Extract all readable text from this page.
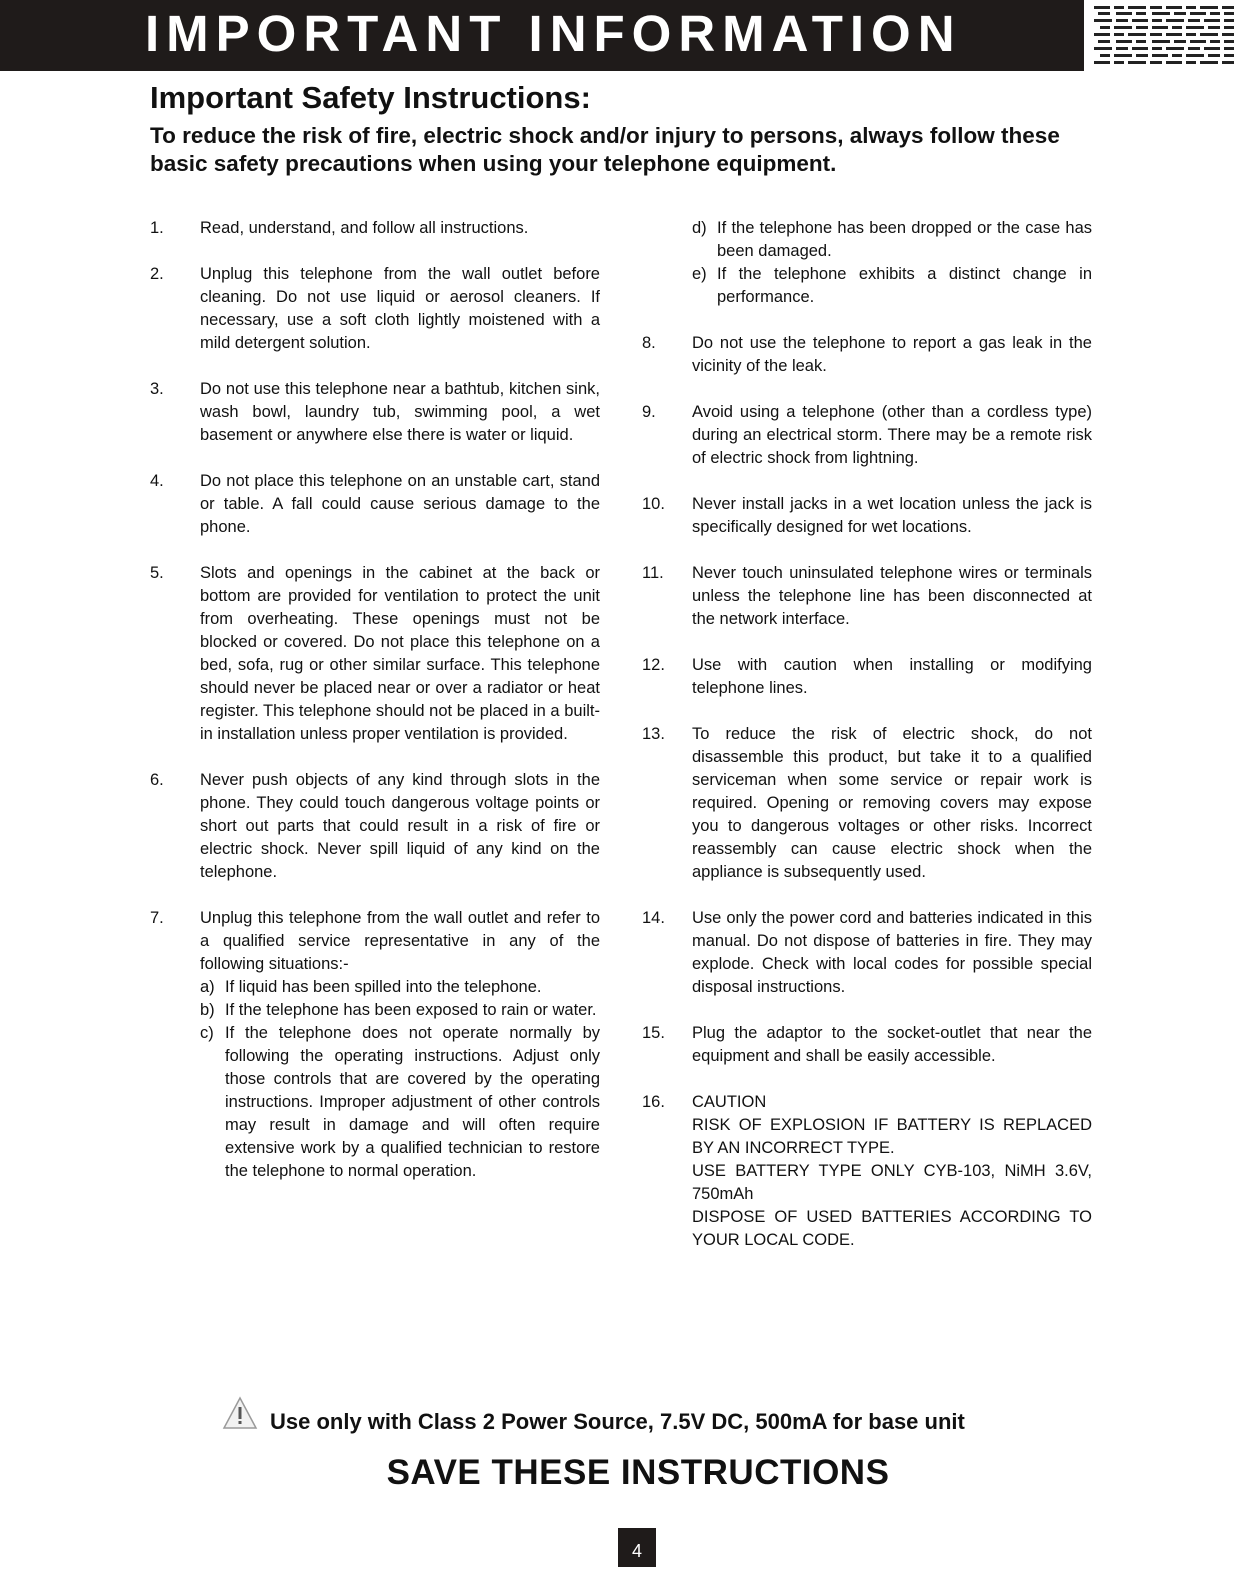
IMPORTANT INFORMATION
Important Safety Instructions:

To reduce the risk of fire, electric shock and/or injury to persons, always follow these basic safety precautions when using your telephone equipment.

1.	Read, understand, and follow all instructions.

2.	Unplug this telephone from the wall outlet before cleaning. Do not use liquid or aerosol cleaners. If necessary, use a soft cloth lightly moistened with a mild detergent solution.

3.	Do not use this telephone near a bathtub, kitchen sink, wash bowl, laundry tub, swimming pool, a wet basement or anywhere else there is water or liquid.

4.	Do not place this telephone on an unstable cart, stand or table. A fall could cause serious damage to the phone.

5.	Slots and openings in the cabinet at the back or bottom are provided for ventilation to protect the unit from overheating. These openings must not be blocked or covered. Do not place this telephone on a bed, sofa, rug or other similar surface. This telephone should never be placed near or over a radiator or heat register. This telephone should not be placed in a built-in installation unless proper ventilation is provided.

6.	Never push objects of any kind through slots in the phone. They could touch dangerous voltage points or short out parts that could result in a risk of fire or electric shock. Never spill liquid of any kind on the telephone.

7.	Unplug this telephone from the wall outlet and refer to a qualified service representative in any of the following situations:-

a) If liquid has been spilled into the telephone.
b) If the telephone has been exposed to rain or water.
c) If the telephone does not operate normally by following the operating instructions. Adjust only those controls that are covered by the operating instructions. Improper adjustment of other controls may result in damage and will often require extensive work by a qualified technician to restore the telephone to normal operation.
d) If the telephone has been dropped or the case has been damaged.
e) If the telephone exhibits a distinct change in performance.
8.	Do not use the telephone to report a gas leak in the vicinity of the leak.

9.	Avoid using a telephone (other than a cordless type) during an electrical storm. There may be a remote risk of electric shock from lightning.

10.	Never install jacks in a wet location unless the jack is specifically designed for wet locations.

11.	Never touch uninsulated telephone wires or terminals unless the telephone line has been disconnected at the network interface.

12.	Use with caution when installing or modifying telephone lines.

13.	To reduce the risk of electric shock, do not disassemble this product, but take it to a qualified serviceman when some service or repair work is required. Opening or removing covers may expose you to dangerous voltages or other risks. Incorrect reassembly can cause electric shock when the appliance is subsequently used.

14.	Use only the power cord and batteries indicated in this manual. Do not dispose of batteries in fire. They may explode. Check with local codes for possible special disposal instructions.

15.	Plug the adaptor to the socket-outlet that near the equipment and shall be easily accessible.

16.	CAUTION

RISK OF EXPLOSION IF BATTERY IS REPLACED BY AN INCORRECT TYPE.

USE BATTERY TYPE ONLY CYB-103, NiMH 3.6V, 750mAh

DISPOSE OF USED BATTERIES ACCORDING TO YOUR LOCAL CODE.

Use only with Class 2 Power Source, 7.5V DC, 500mA for base unit
SAVE THESE INSTRUCTIONS
4
